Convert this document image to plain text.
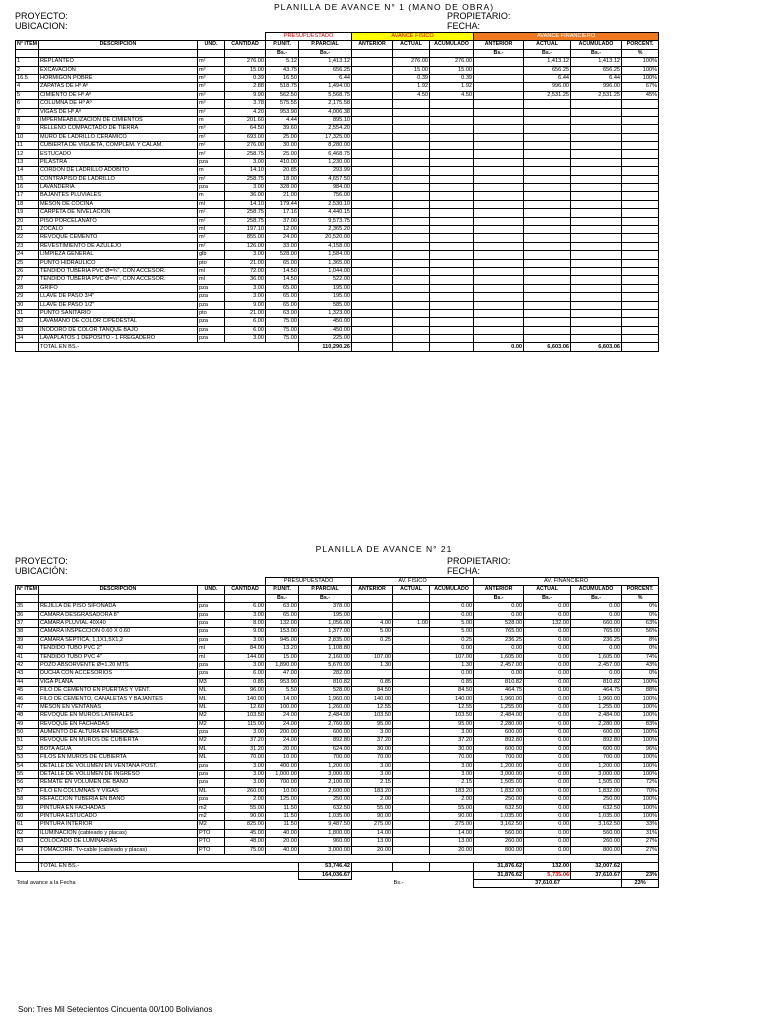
PLANILLA DE AVANCE N° 1 (MANO DE OBRA)
PROYECTO:
UBICACION:
PROPIETARIO:
FECHA:
				PRESUPUESTADO		AVANCE FISICO			AVANCE FINANCIERO			
N° ITEM	DESCRIPCION	UND.	CANTIDAD	P.UNIT.	P.PARCIAL	ANTERIOR	ACTUAL	ACUMULADO	ANTERIOR	ACTUAL	ACUMULADO	PORCENT.
				Bs.-	Bs.-				Bs.-	Bs.-	Bs.-	%
1	REPLANTEO	m²	276.00	5.12	1,413.12		276.00	276.00		1,413.12	1,413.12	100%
2	EXCAVACION	m³	15.00	43.75	656.25		15.00	15.00		656.25	656.25	100%
16.5	HORMIGON POBRE	m³	0.39	16.50	6.44		0.39	0.39		6.44	6.44	100%
4	ZAPATAS DE Hº Aº	m³	2.88	518.75	1,494.00		1.92	1.92		996.00	996.00	67%
5	CIMIENTO DE Hº Aº	m³	9.90	562.50	5,568.75		4.50	4.50		2,531.25	2,531.25	45%
6	COLUMNA DE Hº Aº	m³	3.78	575.55	2,175.58							
7	VIGAS DE Hº Aº	m³	4.20	953.90	4,006.38							
8	IMPERMEABILIZACION DE CIMIENTOS	m	201.60	4.44	895.10							
9	RELLENO COMPACTADO DE TIERRA	m³	64.50	39.60	2,554.20							
10	MURO DE LADRILLO CERAMICO	m²	693.00	25.00	17,325.00							
11	CUBIERTA DE VIGUETA, COMPLEM. Y CALAM.	m²	276.00	30.00	8,280.00							
12	ESTUCADO	m²	258.75	25.00	6,468.75							
13	PILASTRA	pza	3.00	410.00	1,230.00							
14	CORDON DE LADRILLO ADOBITO	m	14.10	20.85	293.99							
15	CONTRAPISO DE LADRILLO	m²	258.75	18.00	4,657.50							
16	LAVANDERIA	pza	3.00	328.00	984.00							
17	BAJANTES PLUVIALES	m	36.00	21.00	756.00							
18	MESON DE COCINA	ml	14.10	179.44	2,530.10							
19	CARPETA DE NIVELACION	m²	258.75	17.16	4,440.15							
20	PISO PORCELANATO	m²	258.75	37.00	9,573.75							
21	ZOCALO	ml	197.10	12.00	2,365.20							
22	REVOQUE CEMENTO	m²	855.00	24.00	20,520.00							
23	REVESTIMIENTO DE AZULEJO	m²	126.00	33.00	4,158.00							
24	LIMPIEZA GENERAL	glb	3.00	528.00	1,584.00							
25	PUNTO HIDRAULICO	pto	21.00	65.00	1,365.00							
26	TENDIDO TUBERIA PVC Ø=¾", CON ACCESOR.	ml	72.00	14.50	1,044.00							
27	TENDIDO TUBERIA PVC Ø=½", CON ACCESOR.	ml	36.00	14.50	522.00							
28	GRIFO	pza	3.00	65.00	195.00							
29	LLAVE DE PASO 3/4"	pza	3.00	65.00	195.00							
30	LLAVE DE PASO 1/2"	pza	9.00	65.00	585.00							
31	PUNTO SANITARIO	pto	21.00	63.00	1,323.00							
32	LAVAMANO DE COLOR C/PEDESTAL	pza	6.00	75.00	450.00							
33	INODORO DE COLOR TANQUE BAJO	pza	6.00	75.00	450.00							
34	LAVAPLATOS 1 DEPOSITO - 1 FREGADERO	pza	3.00	75.00	225.00							
	TOTAL EN BS.-				110,290.26				0.00	6,603.06	6,603.06	
PLANILLA DE AVANCE N° 21
PROYECTO:
UBICACIÓN:
PROPIETARIO:
FECHA:
				PRESUPUESTADO		AV. FISICO			AV. FINANCIERO			
N° ITEM	DESCRIPCION	UND.	CANTIDAD	P.UNIT.	P.PARCIAL	ANTERIOR	ACTUAL	ACUMULADO	ANTERIOR	ACTUAL	ACUMULADO	PORCENT.
				Bs.-	Bs.-				Bs.-	Bs.-	Bs.-	%
35	REJILLA DE PISO SIFONADA	pza	6.00	63.00	378.00			0.00	0.00	0.00	0.00	0%
36	CAMARA DESGRASADORA 8"	pza	3.00	65.00	195.00			0.00	0.00	0.00	0.00	0%
37	CAMARA PLUVIAL 40X40	pza	8.00	132.00	1,056.00	4.00	1.00	5.00	528.00	132.00	660.00	63%
38	CAMARA INSPECCION 0.60 X 0.60	pza	9.00	153.00	1,377.00	5.00		5.00	765.00	0.00	765.00	56%
39	CAMARA SEPTICA, 1,1X1,5X1,2	pza	3.00	945.00	2,835.00	0.25		0.25	236.25	0.00	236.25	8%
40	TENDIDO TUBO PVC 2"	ml	84.00	13.20	1,108.80			0.00	0.00	0.00	0.00	0%
41	TENDIDO TUBO PVC 4"	ml	144.00	15.00	2,160.00	107.00		107.00	1,605.00	0.00	1,605.00	74%
42	POZO ABSORVENTE Ø=1.20 MTS	pza	3.00	1,890.00	5,670.00	1.30		1.30	2,457.00	0.00	2,457.00	43%
43	DUCHA CON ACCESORIOS	pza	6.00	47.00	282.00			0.00	0.00	0.00	0.00	0%
44	VIGA PLANA	M3	0.85	953.90	810.82	0.85		0.85	810.82	0.00	810.82	100%
45	FILO DE CEMENTO EN PUERTAS Y VENT.	ML	96.00	5.50	528.00	84.50		84.50	464.75	0.00	464.75	88%
46	FILO DE CEMENTO, CANALETAS Y BAJANTES	ML	140.00	14.00	1,960.00	140.00		140.00	1,960.00	0.00	1,960.00	100%
47	MESON EN VENTANAS	ML	12.60	100.00	1,260.00	12.55		12.55	1,255.00	0.00	1,255.00	100%
48	REVOQUE EN MUROS LATERALES	M2	103.50	24.00	2,484.00	103.50		103.50	2,484.00	0.00	2,484.00	100%
49	REVOQUE EN FACHADAS	M2	115.00	24.00	2,760.00	95.00		95.00	2,280.00	0.00	2,280.00	83%
50	AUMENTO DE ALTURA EN MESONES	pza	3.00	200.00	600.00	3.00		3.00	600.00	0.00	600.00	100%
51	REVOQUE EN MUROS DE CUBIERTA	M2	37.20	24.00	892.80	37.20		37.20	892.80	0.00	892.80	100%
52	BOTA AGUA	ML	31.20	20.00	624.00	30.00		30.00	600.00	0.00	600.00	96%
53	FILOS EN MUROS DE CUBIERTA	ML	70.00	10.00	700.00	70.00		70.00	700.00	0.00	700.00	100%
54	DETALLE DE VOLUMEN EN VENTANA POST.	pza	3.00	400.00	1,200.00	3.00		3.00	1,200.00	0.00	1,200.00	100%
55	DETALLE DE VOLUMEN DE INGRESO	pza	3.00	1,000.00	3,000.00	3.00		3.00	3,000.00	0.00	3,000.00	100%
56	REMATE EN VOLUMEN DE BAÑO	pza	3.00	700.00	2,100.00	2.15		2.15	1,505.00	0.00	1,505.00	72%
57	FILO EN COLUMNAS Y VIGAS	ML	260.00	10.00	2,600.00	183.20		183.20	1,832.00	0.00	1,832.00	70%
58	REFACCION TUBERIA EN BAÑO	pza	2.00	125.00	250.00	2.00		2.00	250.00	0.00	250.00	100%
59	PINTURA EN FACHADAS	m2	55.00	11.50	632.50	55.00		55.00	632.50	0.00	632.50	100%
60	PINTURA ESTUCADO	m2	90.00	11.50	1,035.00	90.00		90.00	1,035.00	0.00	1,035.00	100%
61	PINTURA INTERIOR	M2	825.00	11.50	9,487.50	275.00		275.00	3,162.50	0.00	3,162.50	33%
62	ILUMINACION (cableado y placas)	PTO	45.00	40.00	1,800.00	14.00		14.00	560.00	0.00	560.00	31%
63	COLOCADO DE LUMINARIAS	PTO	48.00	20.00	960.00	13.00		13.00	260.00	0.00	260.00	27%
64	TOMACORR. Tv-cable (cableado y placas)	PTO	75.00	40.00	3,000.00	20.00		20.00	800.00	0.00	800.00	27%

	TOTAL EN BS.-				53,746.42				31,876.62	132.00	32,007.62	
					164,036.67				31,876.62	5,735.06	37,610.67	23%
Total avance a la Fecha							Bs.-		37,610.67			23%
Son: Tres Mil Setecientos Cincuenta 00/100 Bolivianos
